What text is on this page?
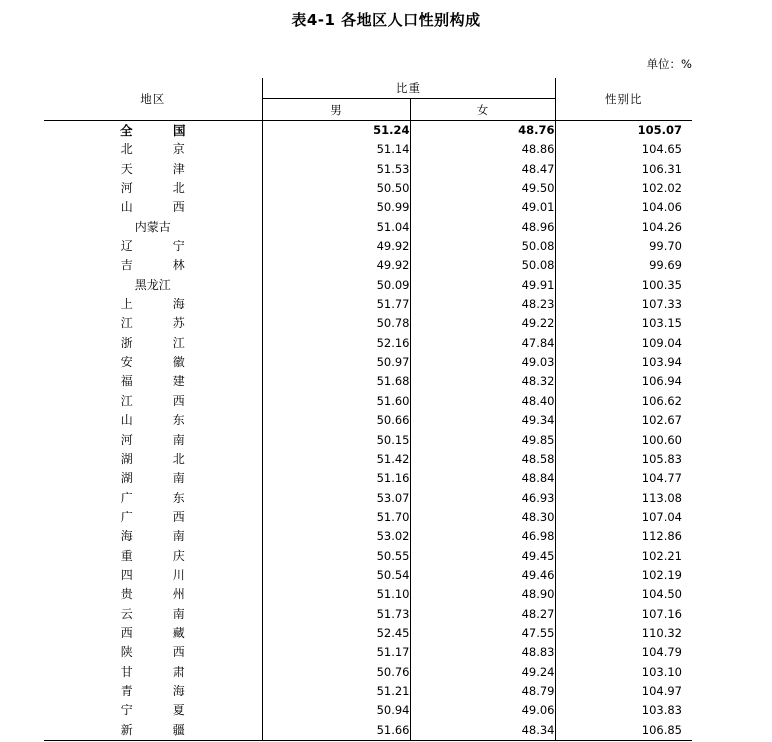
表4-1 各地区人口性别构成
单位：%
地区	比重		性别比
	男	女	
全　国	51.24	48.76	105.07
北　京	51.14	48.86	104.65
天　津	51.53	48.47	106.31
河　北	50.50	49.50	102.02
山　西	50.99	49.01	104.06
内蒙古	51.04	48.96	104.26
辽　宁	49.92	50.08	99.70
吉　林	49.92	50.08	99.69
黑龙江	50.09	49.91	100.35
上　海	51.77	48.23	107.33
江　苏	50.78	49.22	103.15
浙　江	52.16	47.84	109.04
安　徽	50.97	49.03	103.94
福　建	51.68	48.32	106.94
江　西	51.60	48.40	106.62
山　东	50.66	49.34	102.67
河　南	50.15	49.85	100.60
湖　北	51.42	48.58	105.83
湖　南	51.16	48.84	104.77
广　东	53.07	46.93	113.08
广　西	51.70	48.30	107.04
海　南	53.02	46.98	112.86
重　庆	50.55	49.45	102.21
四　川	50.54	49.46	102.19
贵　州	51.10	48.90	104.50
云　南	51.73	48.27	107.16
西　藏	52.45	47.55	110.32
陕　西	51.17	48.83	104.79
甘　肃	50.76	49.24	103.10
青　海	51.21	48.79	104.97
宁　夏	50.94	49.06	103.83
新　疆	51.66	48.34	106.85
